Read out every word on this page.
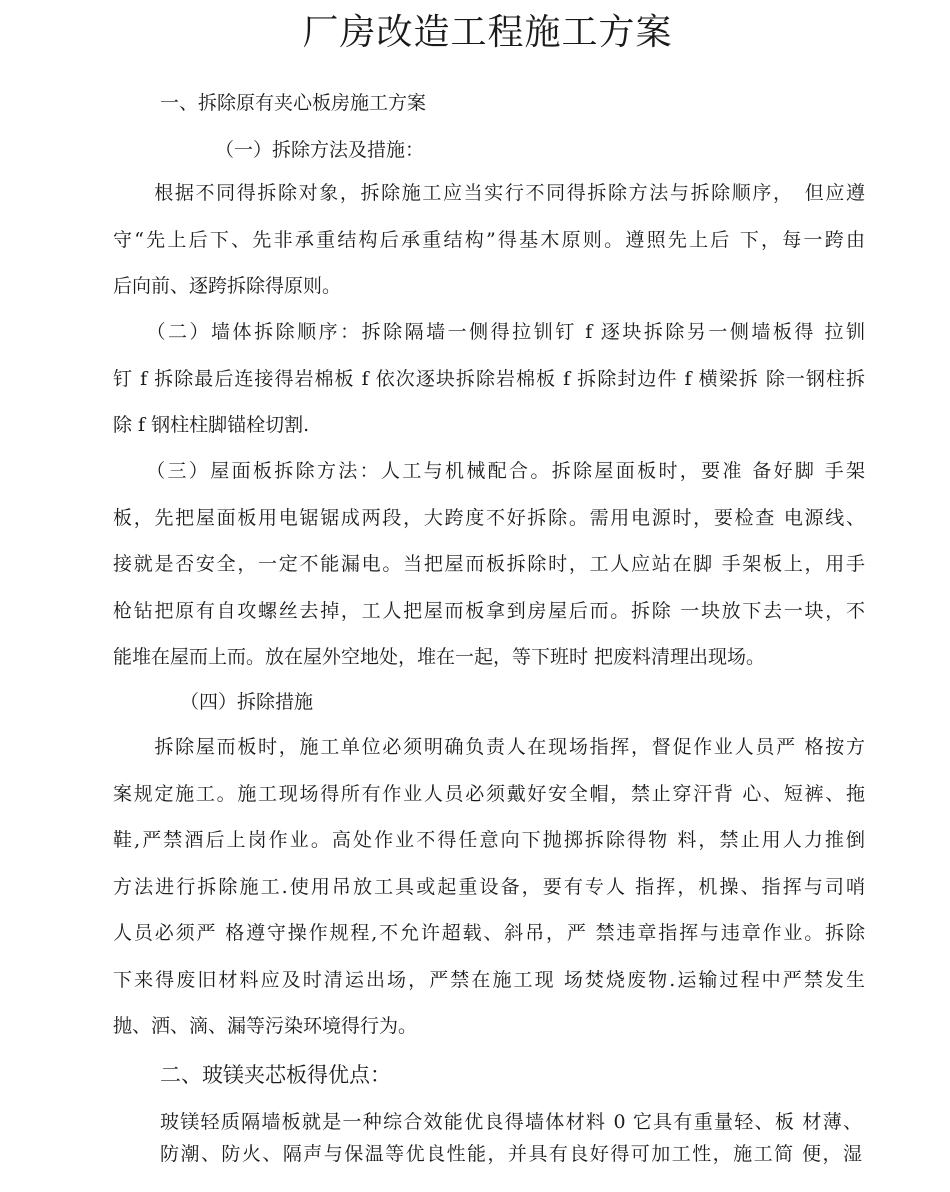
厂房改造工程施工方案
一、拆除原有夹心板房施工方案
（一）拆除方法及措施：
　　根据不同得拆除对象，拆除施工应当实行不同得拆除方法与拆除顺序，　但应遵
守“先上后下、先非承重结构后承重结构”得基木原则。遵照先上后 下，每一跨由
后向前、逐跨拆除得原则。
　　（二）墙体拆除顺序：拆除隔墙一侧得拉钏钉 f 逐块拆除另一侧墙板得 拉钏
钉 f 拆除最后连接得岩棉板 f 依次逐块拆除岩棉板 f 拆除封边件 f 横梁拆 除一钢柱拆
除 f 钢柱柱脚锚栓切割.
　　（三）屋面板拆除方法：人工与机械配合。拆除屋面板时，要准 备好脚 手架
板，先把屋面板用电锯锯成两段，大跨度不好拆除。需用电源时，要检查 电源线、
接就是否安全，一定不能漏电。当把屋而板拆除时，工人应站在脚 手架板上，用手
枪钻把原有自攻螺丝去掉，工人把屋而板拿到房屋后而。拆除 一块放下去一块，不
能堆在屋而上而。放在屋外空地处，堆在一起，等下班时 把废料清理出现场。
（四）拆除措施
　　拆除屋而板时，施工单位必须明确负责人在现场指挥，督促作业人员严 格按方
案规定施工。施工现场得所有作业人员必须戴好安全帽，禁止穿汗背 心、短裤、拖
鞋,严禁酒后上岗作业。高处作业不得任意向下抛掷拆除得物 料，禁止用人力推倒
方法进行拆除施工.使用吊放工具或起重设备，要有专人 指挥，机操、指挥与司哨
人员必须严 格遵守操作规程,不允许超载、斜吊，严 禁违章指挥与违章作业。拆除
下来得废旧材料应及时清运出场，严禁在施工现 场焚烧废物.运输过程中严禁发生
抛、洒、滴、漏等污染环境得行为。
二、玻镁夹芯板得优点：
玻镁轻质隔墙板就是一种综合效能优良得墙体材料 0 它具有重量轻、板 材薄、
防潮、防火、隔声与保温等优良性能，并具有良好得可加工性，施工简 便，湿
